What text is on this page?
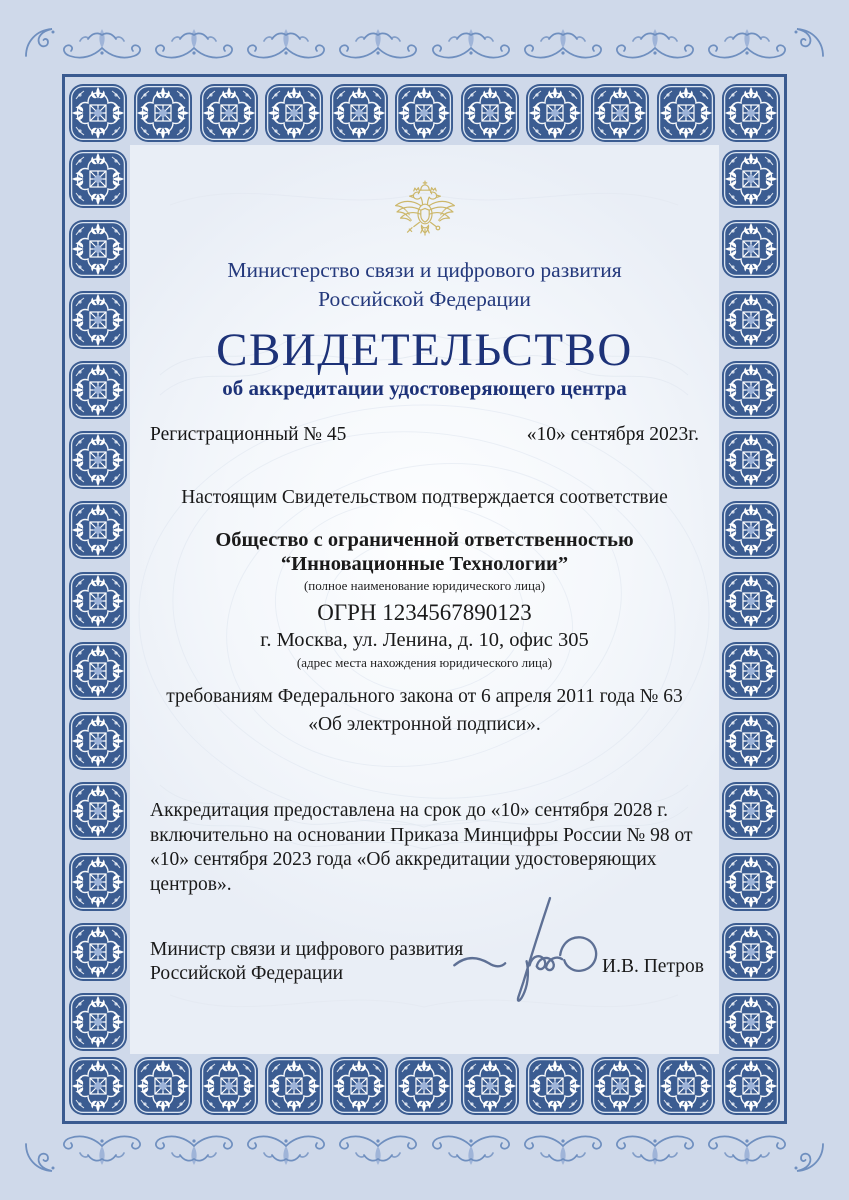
Министерство связи и цифрового развития
Российской Федерации
СВИДЕТЕЛЬСТВО
об аккредитации удостоверяющего центра
Регистрационный № 45	«10» сентября 2023г.
Настоящим Свидетельством подтверждается соответствие
Общество с ограниченной ответственностью
“Инновационные Технологии”
(полное наименование юридического лица)
ОГРН 1234567890123
г. Москва, ул. Ленина, д. 10, офис 305
(адрес места нахождения юридического лица)
требованиям Федерального закона от 6 апреля 2011 года № 63
«Об электронной подписи».
Аккредитация предоставлена на срок до «10» сентября 2028 г.
включительно на основании Приказа Минцифры России № 98 от
«10» сентября 2023 года «Об аккредитации удостоверяющих центров».
Министр связи и цифрового развития
Российской Федерации	И.В. Петров
